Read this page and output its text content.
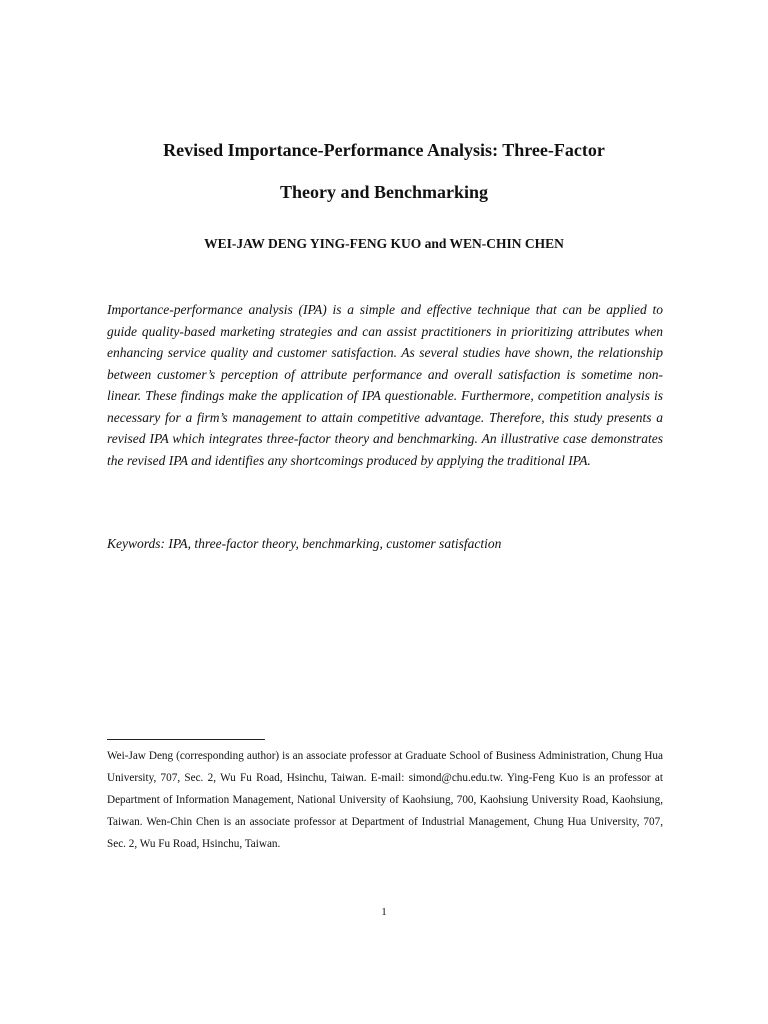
Revised Importance-Performance Analysis: Three-Factor
Theory and Benchmarking

WEI-JAW DENG YING-FENG KUO and WEN-CHIN CHEN

Importance-performance analysis (IPA) is a simple and effective technique that can be applied to guide quality-based marketing strategies and can assist practitioners in prioritizing attributes when enhancing service quality and customer satisfaction. As several studies have shown, the relationship between customer’s perception of attribute performance and overall satisfaction is sometime non-linear. These findings make the application of IPA questionable. Furthermore, competition analysis is necessary for a firm’s management to attain competitive advantage. Therefore, this study presents a revised IPA which integrates three-factor theory and benchmarking. An illustrative case demonstrates the revised IPA and identifies any shortcomings produced by applying the traditional IPA.

Keywords: IPA, three-factor theory, benchmarking, customer satisfaction

Wei-Jaw Deng (corresponding author) is an associate professor at Graduate School of Business Administration, Chung Hua University, 707, Sec. 2, Wu Fu Road, Hsinchu, Taiwan. E-mail: simond@chu.edu.tw. Ying-Feng Kuo is an professor at Department of Information Management, National University of Kaohsiung, 700, Kaohsiung University Road, Kaohsiung, Taiwan. Wen-Chin Chen is an associate professor at Department of Industrial Management, Chung Hua University, 707, Sec. 2, Wu Fu Road, Hsinchu, Taiwan.

1
